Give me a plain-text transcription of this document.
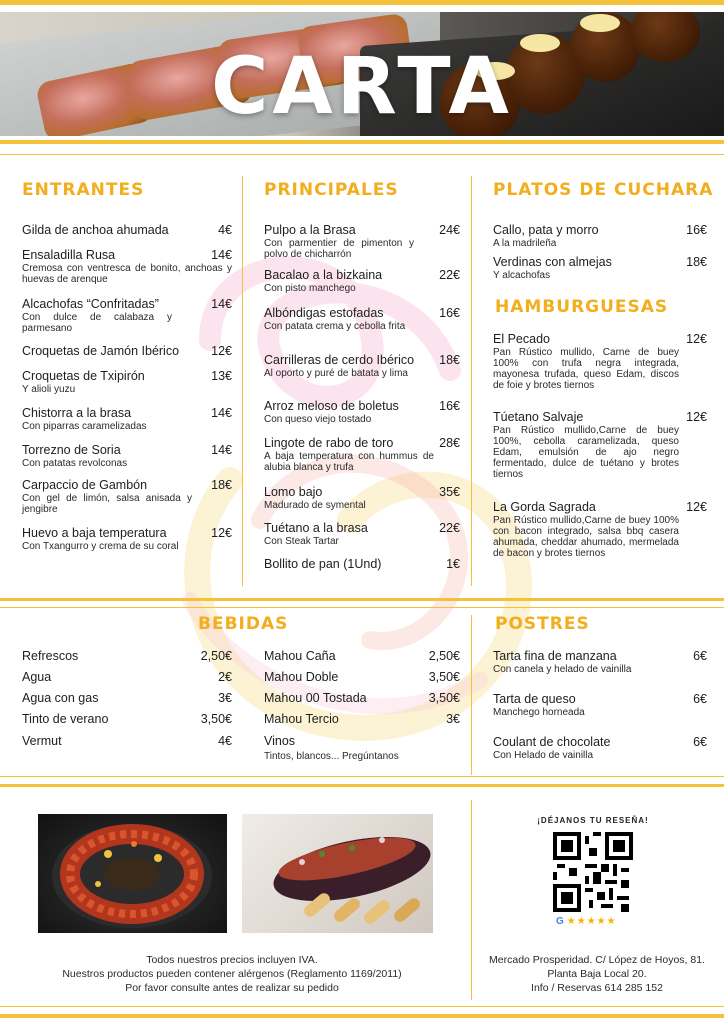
CARTA
ENTRANTES
Gilda de anchoa ahumada	4€
Ensaladilla Rusa	14€
Cremosa con ventresca de bonito, anchoas y huevas de arenque
Alcachofas “Confritadas”	14€
Con dulce de calabaza y parmesano
Croquetas de Jamón Ibérico	12€
Croquetas de Txipirón	13€
Y alioli yuzu
Chistorra a la brasa	14€
Con piparras caramelizadas
Torrezno de Soria	14€
Con patatas revolconas
Carpaccio de Gambón	18€
Con gel de limón, salsa anisada y jengibre
Huevo a baja temperatura	12€
Con Txangurro y crema de su coral
PRINCIPALES
Pulpo a la Brasa	24€
Con parmentier de pimenton y polvo de chicharrón
Bacalao a la bizkaina	22€
Con pisto manchego
Albóndigas estofadas	16€
Con patata crema y cebolla frita
Carrilleras de cerdo Ibérico 18€
Al oporto y puré de batata y lima
Arroz meloso de boletus	16€
Con queso viejo tostado
Lingote de rabo de toro	28€
A baja temperatura con hummus de alubia blanca y trufa
Lomo bajo	35€
Madurado de symental
Tuétano a la brasa	22€
Con Steak Tartar
Bollito de pan (1Und)	1€
PLATOS DE CUCHARA
Callo, pata y morro	16€
A la madrileña
Verdinas con almejas	18€
Y alcachofas
HAMBURGUESAS
El Pecado	12€
Pan Rústico mullido, Carne de buey 100% con trufa negra integrada, mayonesa trufada, queso Edam, discos de foie y brotes tiernos
Túetano Salvaje	12€
Pan Rústico mullido,Carne de buey 100%, cebolla caramelizada, queso Edam, emulsión de ajo negro fermentado, dulce de tuétano y brotes tiernos
La Gorda Sagrada	12€
Pan Rústico mullido,Carne de buey 100% con bacon integrado, salsa bbq casera ahumada, cheddar ahumado, mermelada de bacon y brotes tiernos
BEBIDAS
Refrescos	2,50€
Agua	2€
Agua con gas	3€
Tinto de verano	3,50€
Vermut	4€
Mahou Caña	2,50€
Mahou Doble	3,50€
Mahou 00 Tostada	3,50€
Mahou Tercio	3€
Vinos
Tintos, blancos... Pregúntanos
POSTRES
Tarta fina de manzana	6€
Con canela y helado de vainilla
Tarta de queso	6€
Manchego horneada
Coulant de chocolate	6€
Con Helado de vainilla
¡DÉJANOS TU RESEÑA!
G ★★★★★
Todos nuestros precios incluyen IVA.
Nuestros productos pueden contener alérgenos (Reglamento 1169/2011)
Por favor consulte antes de realizar su pedido
Mercado Prosperidad. C/ López de Hoyos, 81.
Planta Baja Local 20.
Info / Reservas 614 285 152
